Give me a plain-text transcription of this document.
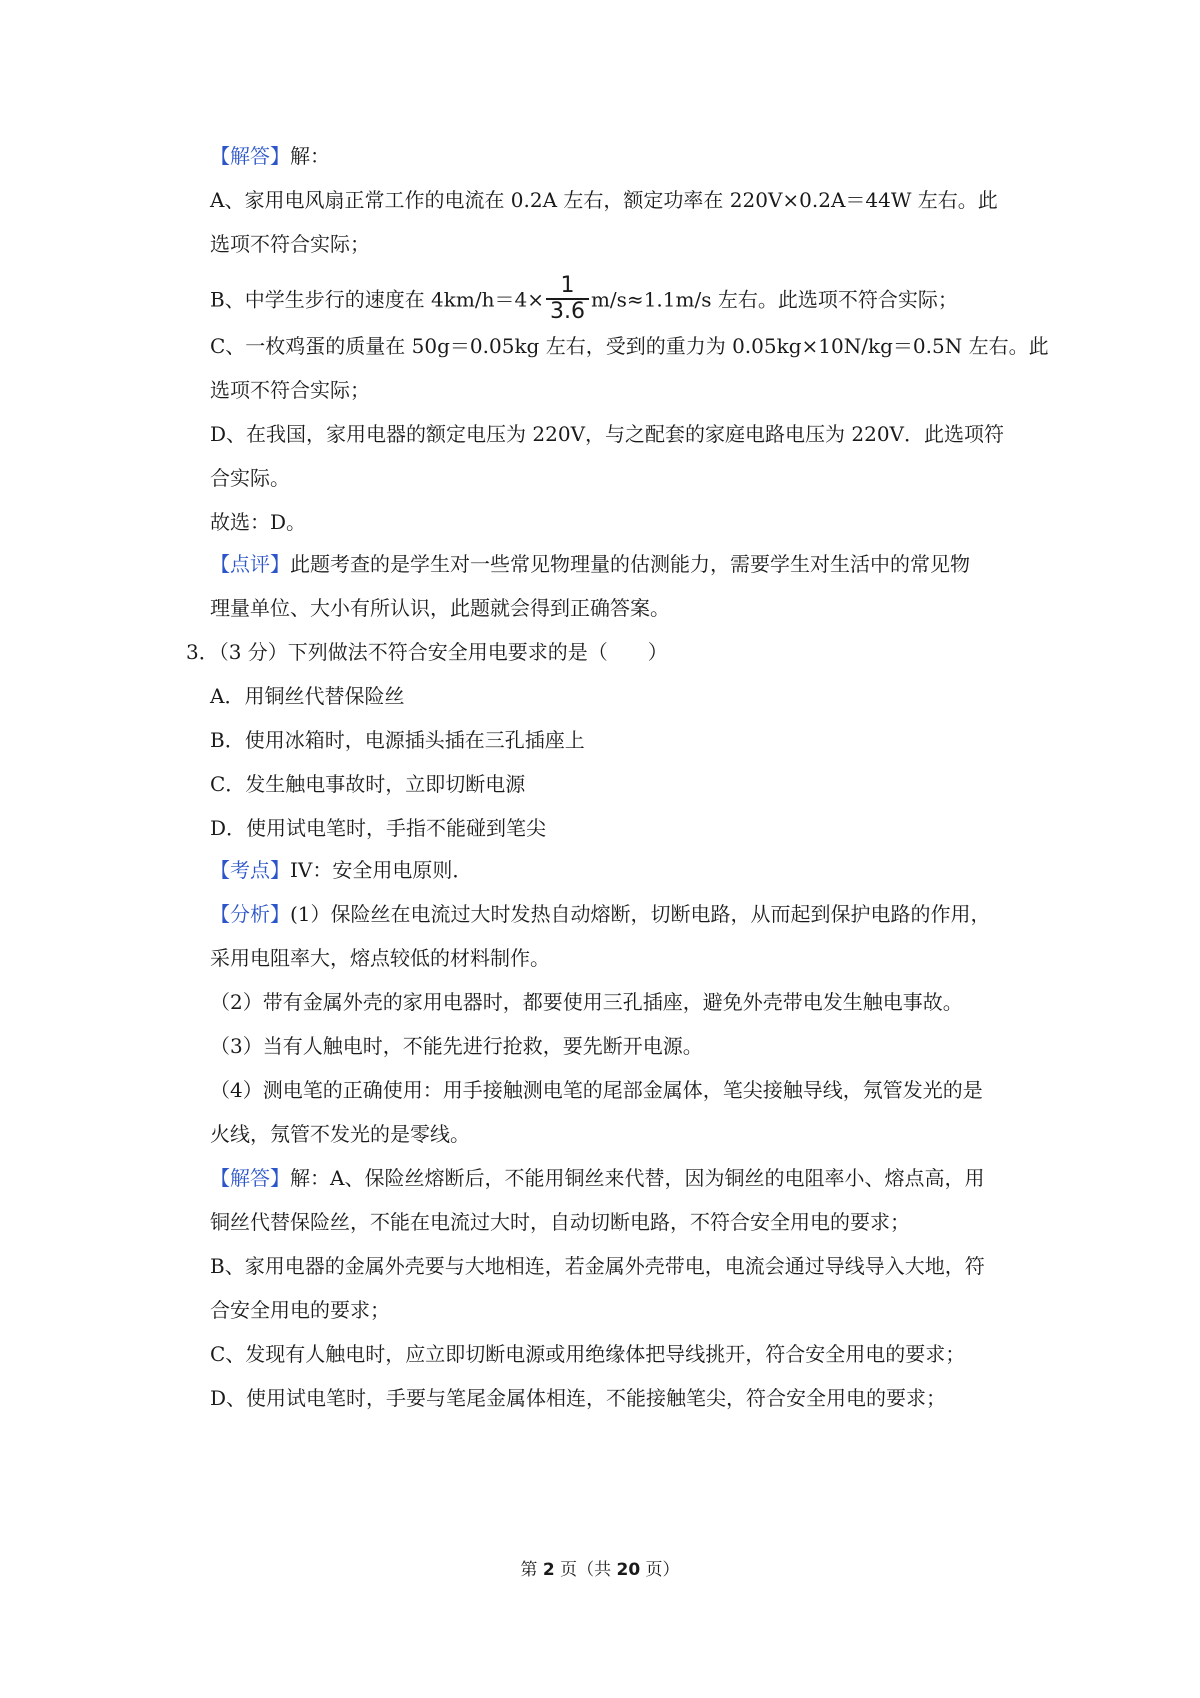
【解答】解：
A、家用电风扇正常工作的电流在 0.2A 左右，额定功率在 220V×0.2A＝44W 左右。此
选项不符合实际；
B、中学生步行的速度在 $4km/h=4\times \frac{1}{3.6} m/s\approx 1.1m/s$ 左右。此选项不符合实际；
C、一枚鸡蛋的质量在 50g＝0.05kg 左右，受到的重力为 0.05kg×10N/kg＝0.5N 左右。此
选项不符合实际；
D、在我国，家用电器的额定电压为 220V，与之配套的家庭电路电压为 220V．此选项符
合实际。
故选：D。
【点评】此题考查的是学生对一些常见物理量的估测能力，需要学生对生活中的常见物
理量单位、大小有所认识，此题就会得到正确答案。
3．（3 分）下列做法不符合安全用电要求的是（　　）
A．用铜丝代替保险丝
B．使用冰箱时，电源插头插在三孔插座上
C．发生触电事故时，立即切断电源
D．使用试电笔时，手指不能碰到笔尖
【考点】IV：安全用电原则．
【分析】(1）保险丝在电流过大时发热自动熔断，切断电路，从而起到保护电路的作用，
采用电阻率大，熔点较低的材料制作。
（2）带有金属外壳的家用电器时，都要使用三孔插座，避免外壳带电发生触电事故。
（3）当有人触电时，不能先进行抢救，要先断开电源。
（4）测电笔的正确使用：用手接触测电笔的尾部金属体，笔尖接触导线，氖管发光的是
火线，氖管不发光的是零线。
【解答】解：A、保险丝熔断后，不能用铜丝来代替，因为铜丝的电阻率小、熔点高，用
铜丝代替保险丝，不能在电流过大时，自动切断电路，不符合安全用电的要求；
B、家用电器的金属外壳要与大地相连，若金属外壳带电，电流会通过导线导入大地，符
合安全用电的要求；
C、发现有人触电时，应立即切断电源或用绝缘体把导线挑开，符合安全用电的要求；
D、使用试电笔时，手要与笔尾金属体相连，不能接触笔尖，符合安全用电的要求；
第 2 页（共 20 页）
